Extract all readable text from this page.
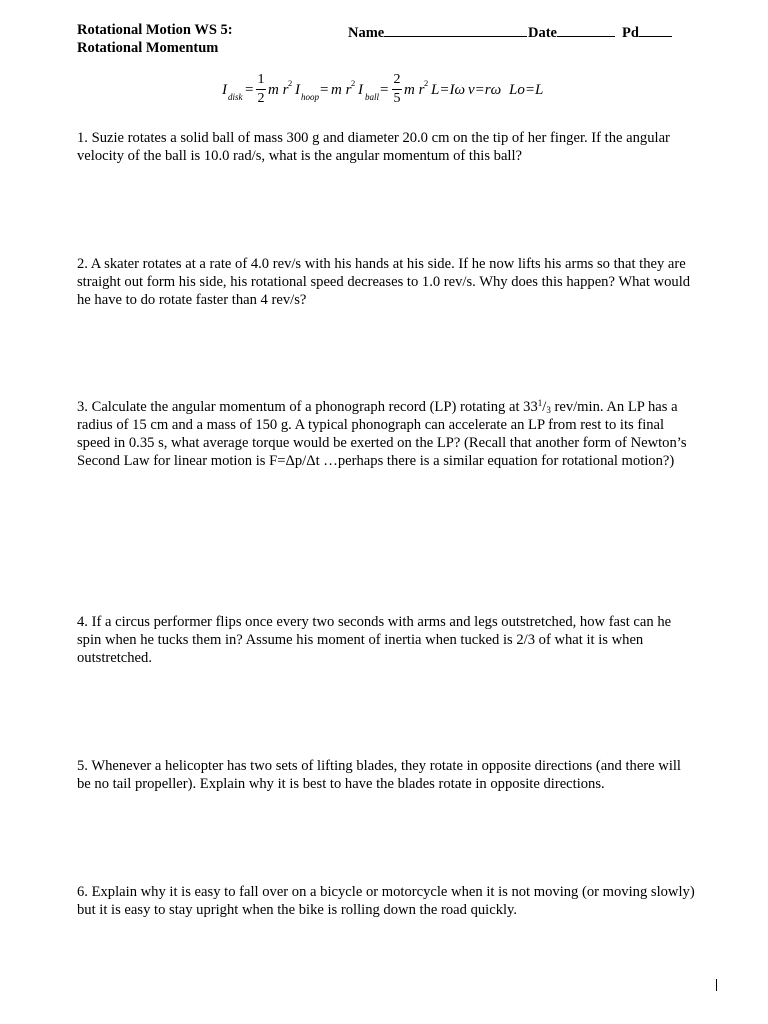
Rotational Motion WS 5:
Rotational Momentum
Name	Date	Pd
I disk =
1
2
m r 2 I hoop = m r 2 I ball =
2
5
m r 2 L=Iω v=rω Lo=L
1. Suzie rotates a solid ball of mass 300 g and diameter 20.0 cm on the tip of her finger. If the angular velocity of the ball is 10.0 rad/s, what is the angular momentum of this ball?
2. A skater rotates at a rate of 4.0 rev/s with his hands at his side. If he now lifts his arms so that they are straight out form his side, his rotational speed decreases to 1.0 rev/s. Why does this happen? What would he have to do rotate faster than 4 rev/s?
3. Calculate the angular momentum of a phonograph record (LP) rotating at $33^1/_3$ rev/min. An LP has a radius of 15 cm and a mass of 150 g. A typical phonograph can accelerate an LP from rest to its final speed in 0.35 s, what average torque would be exerted on the LP? (Recall that another form of Newton’s Second Law for linear motion is F=Δp/Δt …perhaps there is a similar equation for rotational motion?)
4. If a circus performer flips once every two seconds with arms and legs outstretched, how fast can he spin when he tucks them in? Assume his moment of inertia when tucked is 2/3 of what it is when outstretched.
5. Whenever a helicopter has two sets of lifting blades, they rotate in opposite directions (and there will be no tail propeller). Explain why it is best to have the blades rotate in opposite directions.
6. Explain why it is easy to fall over on a bicycle or motorcycle when it is not moving (or moving slowly) but it is easy to stay upright when the bike is rolling down the road quickly.
